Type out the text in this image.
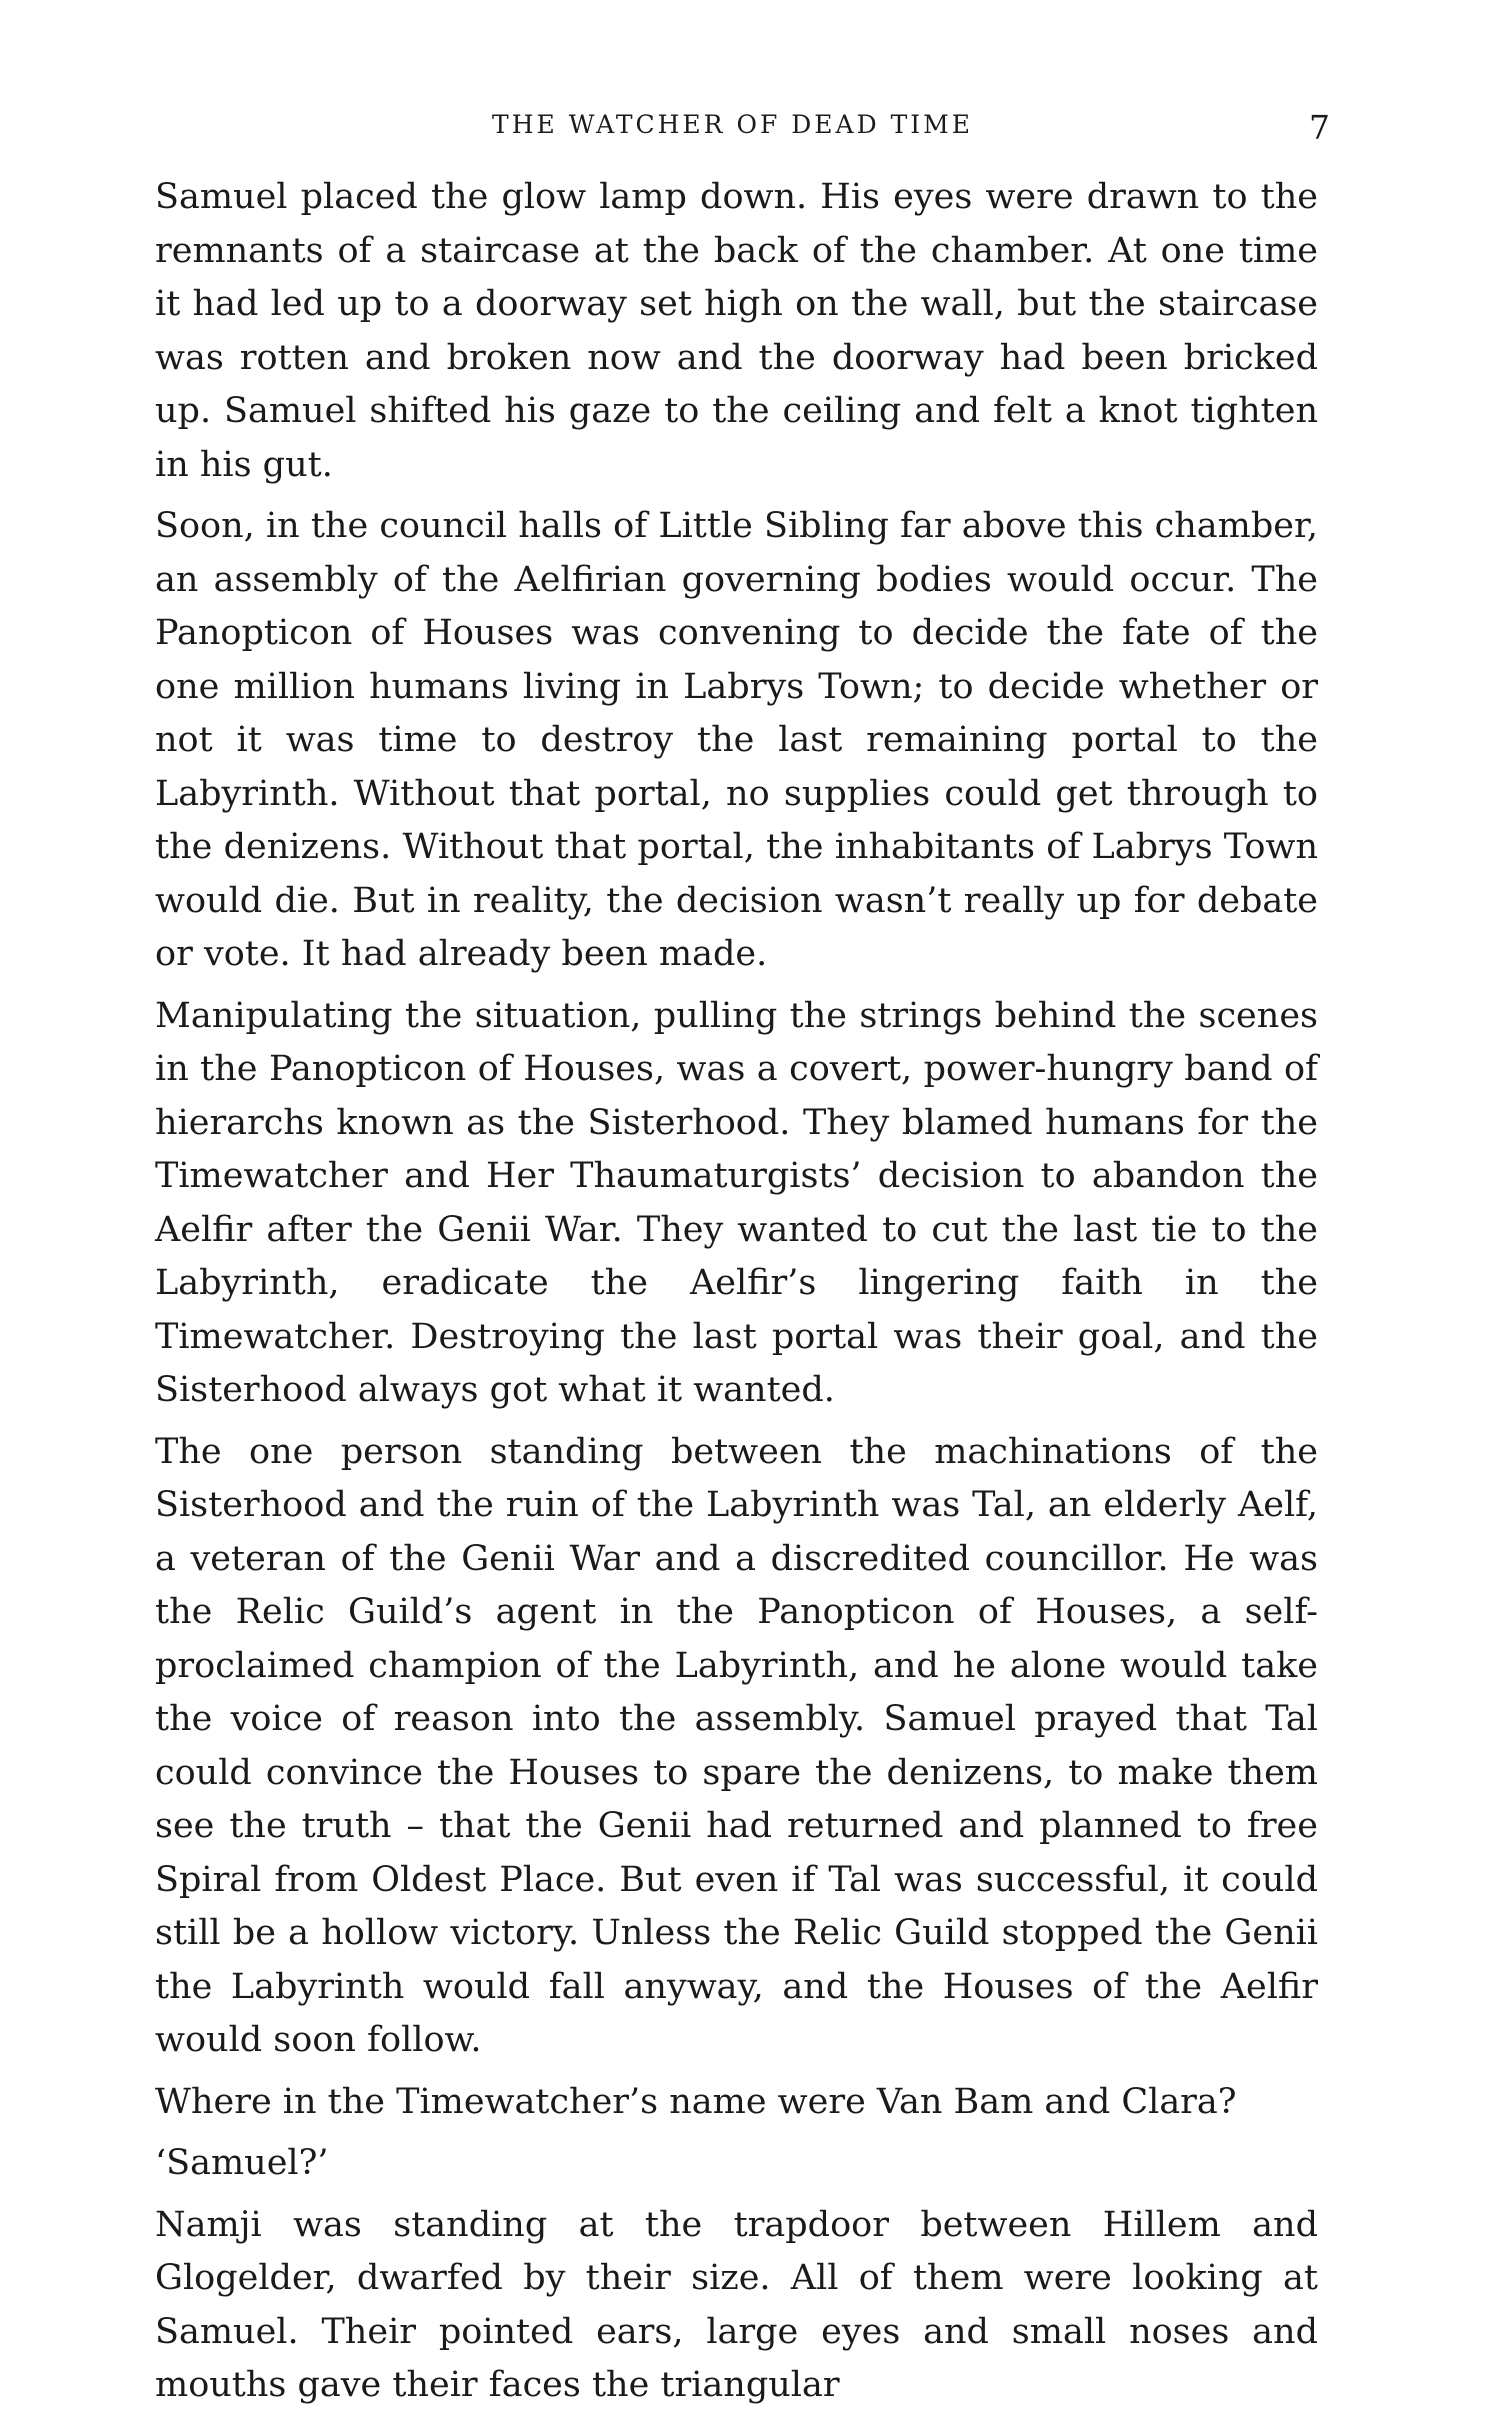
THE WATCHER OF DEAD TIME	7

Samuel placed the glow lamp down. His eyes were drawn to the remnants of a staircase at the back of the chamber. At one time it had led up to a doorway set high on the wall, but the staircase was rotten and broken now and the doorway had been bricked up. Samuel shifted his gaze to the ceiling and felt a knot tighten in his gut.

Soon, in the council halls of Little Sibling far above this chamber, an assembly of the Aelfirian governing bodies would occur. The Panopticon of Houses was convening to decide the fate of the one million humans living in Labrys Town; to decide whether or not it was time to destroy the last remaining portal to the Labyrinth. Without that portal, no supplies could get through to the denizens. Without that portal, the inhabitants of Labrys Town would die. But in reality, the decision wasn’t really up for debate or vote. It had already been made.

Manipulating the situation, pulling the strings behind the scenes in the Panopticon of Houses, was a covert, power-hungry band of hierarchs known as the Sisterhood. They blamed humans for the Timewatcher and Her Thaumaturgists’ decision to abandon the Aelfir after the Genii War. They wanted to cut the last tie to the Labyrinth, eradicate the Aelfir’s lingering faith in the Timewatcher. Destroying the last portal was their goal, and the Sisterhood always got what it wanted.

The one person standing between the machinations of the Sisterhood and the ruin of the Labyrinth was Tal, an elderly Aelf, a veteran of the Genii War and a discredited councillor. He was the Relic Guild’s agent in the Panopticon of Houses, a self-proclaimed champion of the Labyrinth, and he alone would take the voice of reason into the assembly. Samuel prayed that Tal could convince the Houses to spare the denizens, to make them see the truth – that the Genii had returned and planned to free Spiral from Oldest Place. But even if Tal was successful, it could still be a hollow victory. Unless the Relic Guild stopped the Genii the Labyrinth would fall anyway, and the Houses of the Aelfir would soon follow.

Where in the Timewatcher’s name were Van Bam and Clara?

‘Samuel?’

Namji was standing at the trapdoor between Hillem and Glogelder, dwarfed by their size. All of them were looking at Samuel. Their pointed ears, large eyes and small noses and mouths gave their faces the triangular
